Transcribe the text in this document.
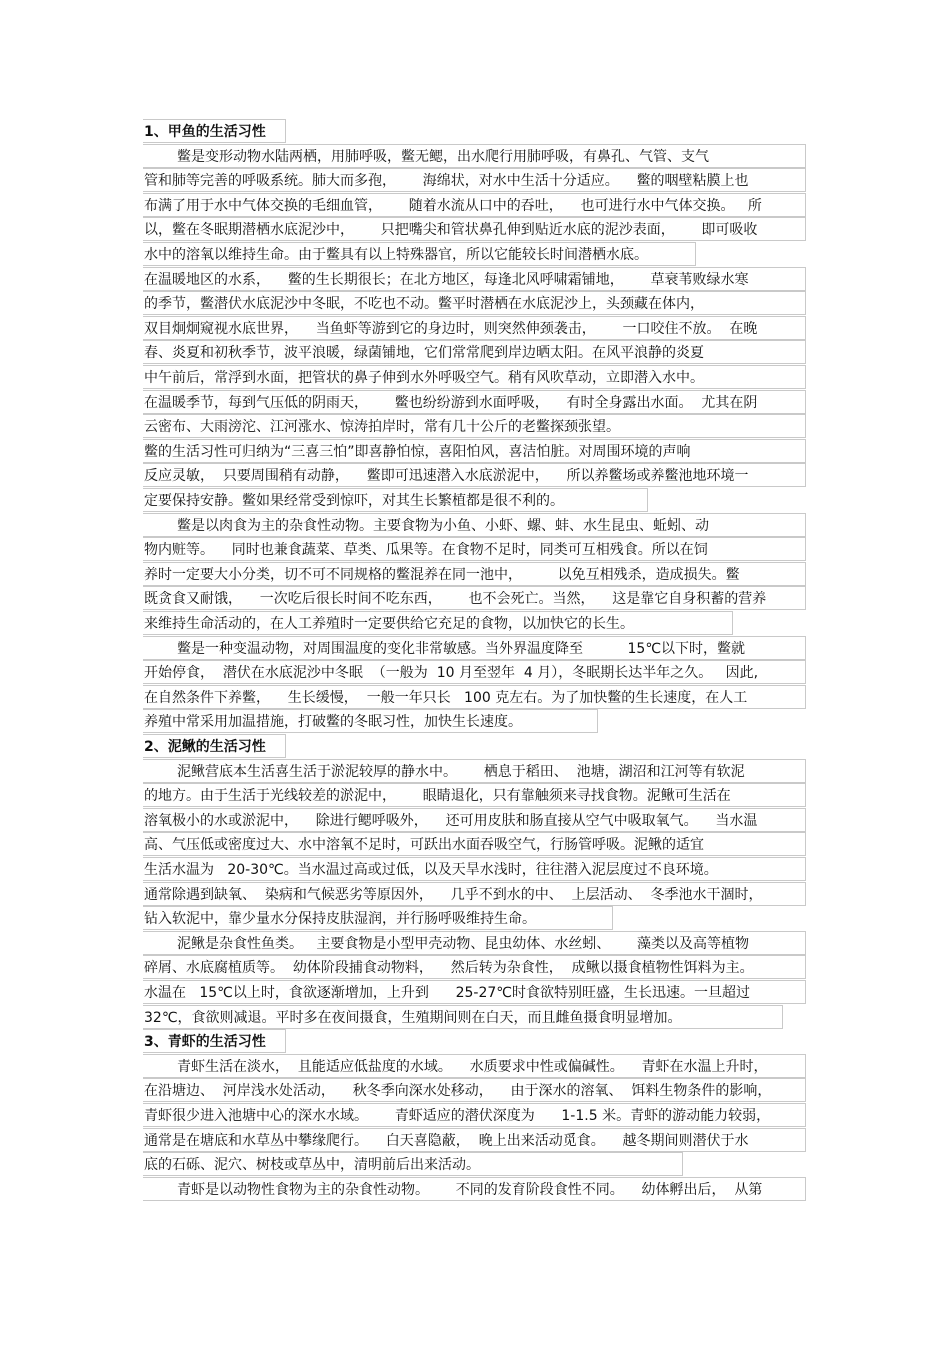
1、甲鱼的生活习性
鳖是变形动物水陆两栖，用肺呼吸，鳖无鳃，出水爬行用肺呼吸，有鼻孔、气管、支气
管和肺等完善的呼吸系统。肺大而多孢，      海绵状，对水中生活十分适应。    鳖的咽壁粘膜上也
布满了用于水中气体交换的毛细血管，      随着水流从口中的吞吐，    也可进行水中气体交换。   所
以，鳖在冬眠期潜栖水底泥沙中，      只把嘴尖和管状鼻孔伸到贴近水底的泥沙表面，      即可吸收
水中的溶氧以维持生命。由于鳖具有以上特殊器官，所以它能较长时间潜栖水底。
在温暖地区的水系，    鳖的生长期很长；在北方地区，每逢北风呼啸霜铺地，      草衰苇败绿水寒
的季节，鳖潜伏水底泥沙中冬眠，不吃也不动。鳖平时潜栖在水底泥沙上，头颈藏在体内，
双目炯炯窥视水底世界，    当鱼虾等游到它的身边时，则突然伸颈袭击，      一口咬住不放。  在晚
春、炎夏和初秋季节，波平浪暖，绿菌铺地，它们常常爬到岸边晒太阳。在风平浪静的炎夏
中午前后，常浮到水面，把管状的鼻子伸到水外呼吸空气。稍有风吹草动，立即潜入水中。
在温暖季节，每到气压低的阴雨天，      鳖也纷纷游到水面呼吸，    有时全身露出水面。  尤其在阴
云密布、大雨滂沱、江河涨水、惊涛拍岸时，常有几十公斤的老鳖探颈张望。
鳖的生活习性可归纳为“三喜三怕”即喜静怕惊，喜阳怕风，喜洁怕脏。对周围环境的声响
反应灵敏，  只要周围稍有动静，    鳖即可迅速潜入水底淤泥中，    所以养鳖场或养鳖池地环境一
定要保持安静。鳖如果经常受到惊吓，对其生长繁植都是很不利的。
鳖是以肉食为主的杂食性动物。主要食物为小鱼、小虾、螺、蚌、水生昆虫、蚯蚓、动
物内赃等。    同时也兼食蔬菜、草类、瓜果等。在食物不足时，同类可互相残食。所以在饲
养时一定要大小分类，切不可不同规格的鳖混养在同一池中，        以免互相残杀，造成损失。鳖
既贪食又耐饿，    一次吃后很长时间不吃东西，      也不会死亡。当然，    这是靠它自身积蓄的营养
来维持生命活动的，在人工养殖时一定要供给它充足的食物，以加快它的长生。
鳖是一种变温动物，对周围温度的变化非常敏感。当外界温度降至          15℃以下时，鳖就
开始停食，  潜伏在水底泥沙中冬眠  （一般为  10 月至翌年  4 月），冬眠期长达半年之久。   因此,
在自然条件下养鳖，    生长缓慢，  一般一年只长   100 克左右。为了加快鳖的生长速度，在人工
养殖中常采用加温措施，打破鳖的冬眠习性，加快生长速度。
2、泥鳅的生活习性
泥鳅营底本生活喜生活于淤泥较厚的静水中。      栖息于稻田、  池塘，湖沼和江河等有软泥
的地方。由于生活于光线较差的淤泥中，      眼睛退化，只有靠触须来寻找食物。泥鳅可生活在
溶氧极小的水或淤泥中，    除进行鳃呼吸外，    还可用皮肤和肠直接从空气中吸取氧气。    当水温
高、气压低或密度过大、水中溶氧不足时，可跃出水面吞吸空气，行肠管呼吸。泥鳅的适宜
生活水温为   20-30℃。当水温过高或过低，以及天旱水浅时，往往潜入泥层度过不良环境。
通常除遇到缺氧、  染病和气候恶劣等原因外，    几乎不到水的中、  上层活动、  冬季池水干涸时，
钻入软泥中，靠少量水分保持皮肤湿润，并行肠呼吸维持生命。
泥鳅是杂食性鱼类。   主要食物是小型甲壳动物、昆虫幼体、水丝蚓、      藻类以及高等植物
碎屑、水底腐植质等。  幼体阶段捕食动物料，    然后转为杂食性，  成鳅以摄食植物性饵料为主。
水温在   15℃以上时，食欲逐渐增加，上升到      25-27℃时食欲特别旺盛，生长迅速。一旦超过
32℃，食欲则减退。平时多在夜间摄食，生殖期间则在白天，而且雌鱼摄食明显增加。
3、青虾的生活习性
青虾生活在淡水，  且能适应低盐度的水域。    水质要求中性或偏碱性。    青虾在水温上升时，
在沿塘边、  河岸浅水处活动，    秋冬季向深水处移动，    由于深水的溶氧、  饵料生物条件的影响，
青虾很少进入池塘中心的深水水域。      青虾适应的潜伏深度为      1-1.5 米。青虾的游动能力较弱，
通常是在塘底和水草丛中攀缘爬行。    白天喜隐蔽，  晚上出来活动觅食。    越冬期间则潜伏于水
底的石砾、泥穴、树枝或草丛中，清明前后出来活动。
青虾是以动物性食物为主的杂食性动物。      不同的发育阶段食性不同。    幼体孵出后，  从第
